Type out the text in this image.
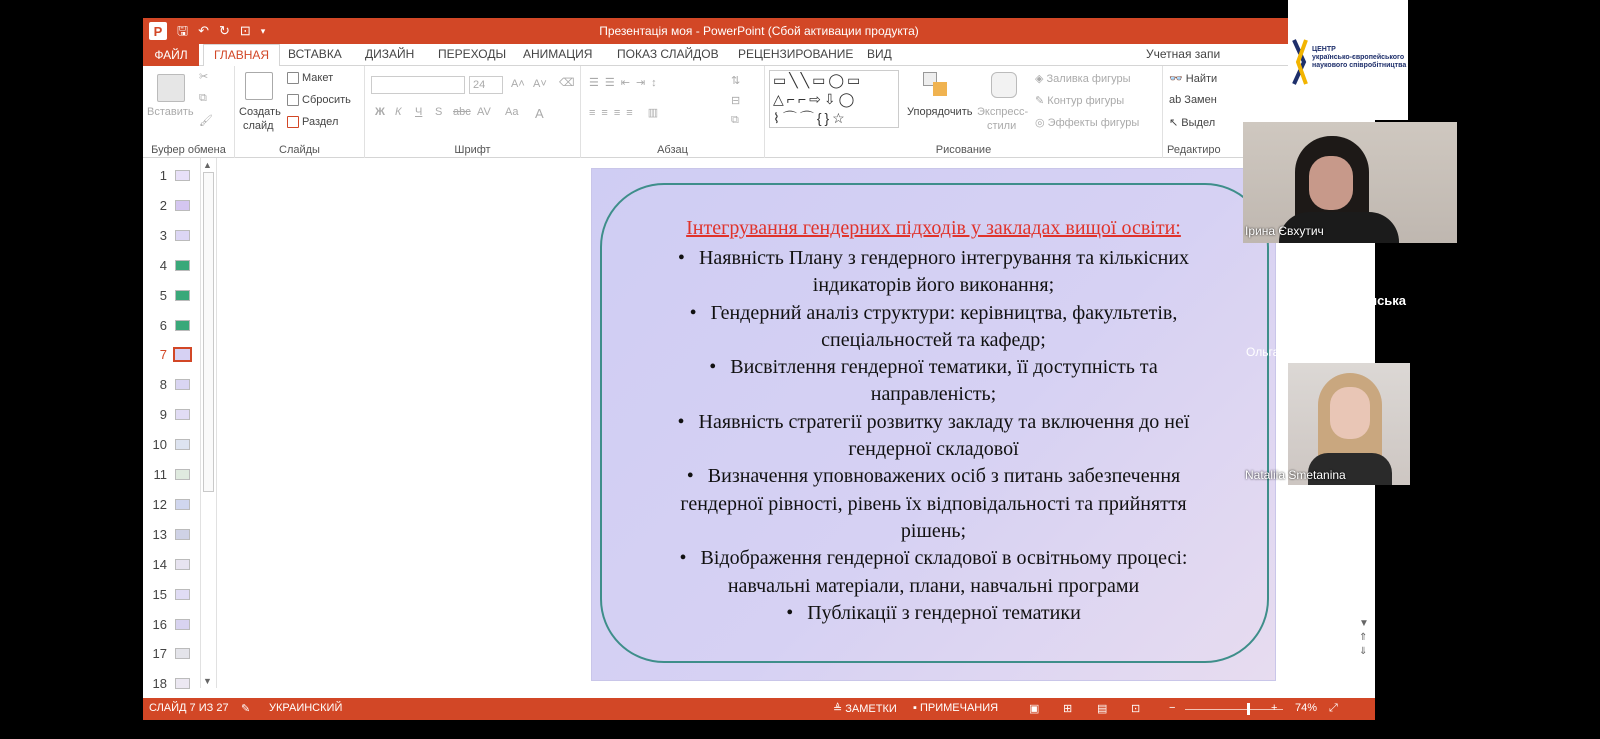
P	🖫 ↶ ↻ ⊡ ▾	Презентація моя - PowerPoint (Сбой активации продукта)
ФАЙЛ	ГЛАВНАЯ	ВСТАВКА ДИЗАЙН ПЕРЕХОДЫ АНИМАЦИЯ ПОКАЗ СЛАЙДОВ РЕЦЕНЗИРОВАНИЕ ВИД	Учетная запи
Вставить
✂
⧉
🖌
Буфер обмена
Создать
слайд
Макет
Сбросить
Раздел
Слайды
24	A˄ A˅ ⌫
Ж К Ч S abc AV Aa A
Шрифт
☰☰⇤⇥↕
≡≡≡≡ ▥
⇅
⊟
⧉
Абзац
▭╲╲▭◯▭
△⌐⌐⇨⇩◯
⌇⌒⌒{}☆	Упорядочить Экспресс-
стили
◈ Заливка фигуры
✎ Контур фигуры
◎ Эффекты фигуры
Рисование
👓 Найти
ab Замен
↖ Выдел
Редактиро
1
2
3
4
5
6
7
8
9
10
11
12
13
14
15
16
17
18
▲
▼
Інтегрування гендерних підходів у закладах вищої освіти:
• Наявність Плану з гендерного інтегрування та кількісних
індикаторів його виконання;
• Гендерний аналіз структури: керівництва, факультетів,
спеціальностей та кафедр;
• Висвітлення гендерної тематики, її доступність та
направленість;
• Наявність стратегії розвитку закладу та включення до неї
гендерної складової
• Визначення уповноважених осіб з питань забезпечення
гендерної рівності, рівень їх відповідальності та прийняття
рішень;
• Відображення гендерної складової в освітньому процесі:
навчальні матеріали, плани, навчальні програми
• Публікації з гендерної тематики	▼
⇑
⇓
СЛАЙД 7 ИЗ 27 ✎ УКРАИНСКИЙ	≜ ЗАМЕТКИ ▪ ПРИМЕЧАНИЯ	▣ ⊞ ▤ ⊡	−	+ 74% ⤢
ЦЕНТР
українсько-європейського
наукового співробітництва
Ірина Євхутич
Ольга Балинська
Ольга Балинська
Nataliia Smetanina
